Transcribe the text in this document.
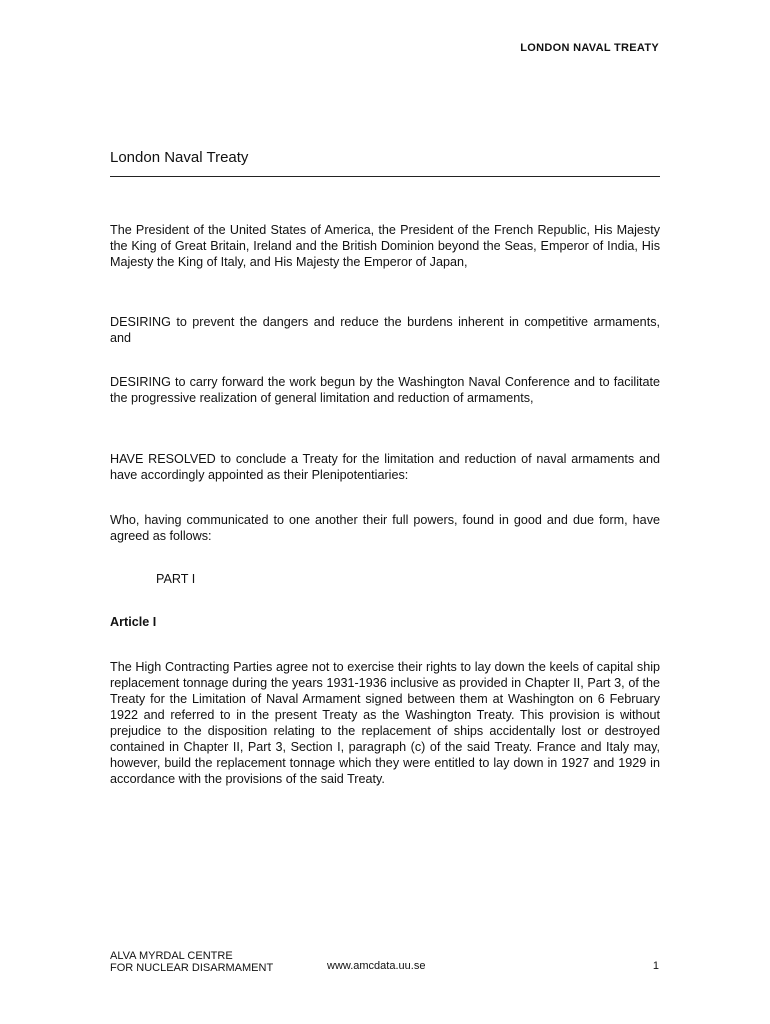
LONDON NAVAL TREATY
London Naval Treaty

The President of the United States of America, the President of the French Republic, His Majesty the King of Great Britain, Ireland and the British Dominion beyond the Seas, Emperor of India, His Majesty the King of Italy, and His Majesty the Emperor of Japan,

DESIRING to prevent the dangers and reduce the burdens inherent in competitive armaments, and

DESIRING to carry forward the work begun by the Washington Naval Conference and to facilitate the progressive realization of general limitation and reduction of armaments,

HAVE RESOLVED to conclude a Treaty for the limitation and reduction of naval armaments and have accordingly appointed as their Plenipotentiaries:

Who, having communicated to one another their full powers, found in good and due form, have agreed as follows:

PART I
Article I

The High Contracting Parties agree not to exercise their rights to lay down the keels of capital ship replacement tonnage during the years 1931-1936 inclusive as provided in Chapter II, Part 3, of the Treaty for the Limitation of Naval Armament signed between them at Washington on 6 February 1922 and referred to in the present Treaty as the Washington Treaty. This provision is without prejudice to the disposition relating to the replacement of ships accidentally lost or destroyed contained in Chapter II, Part 3, Section I, paragraph (c) of the said Treaty. France and Italy may, however, build the replacement tonnage which they were entitled to lay down in 1927 and 1929 in accordance with the provisions of the said Treaty.

ALVA MYRDAL CENTRE
FOR NUCLEAR DISARMAMENT	www.amcdata.uu.se	1
